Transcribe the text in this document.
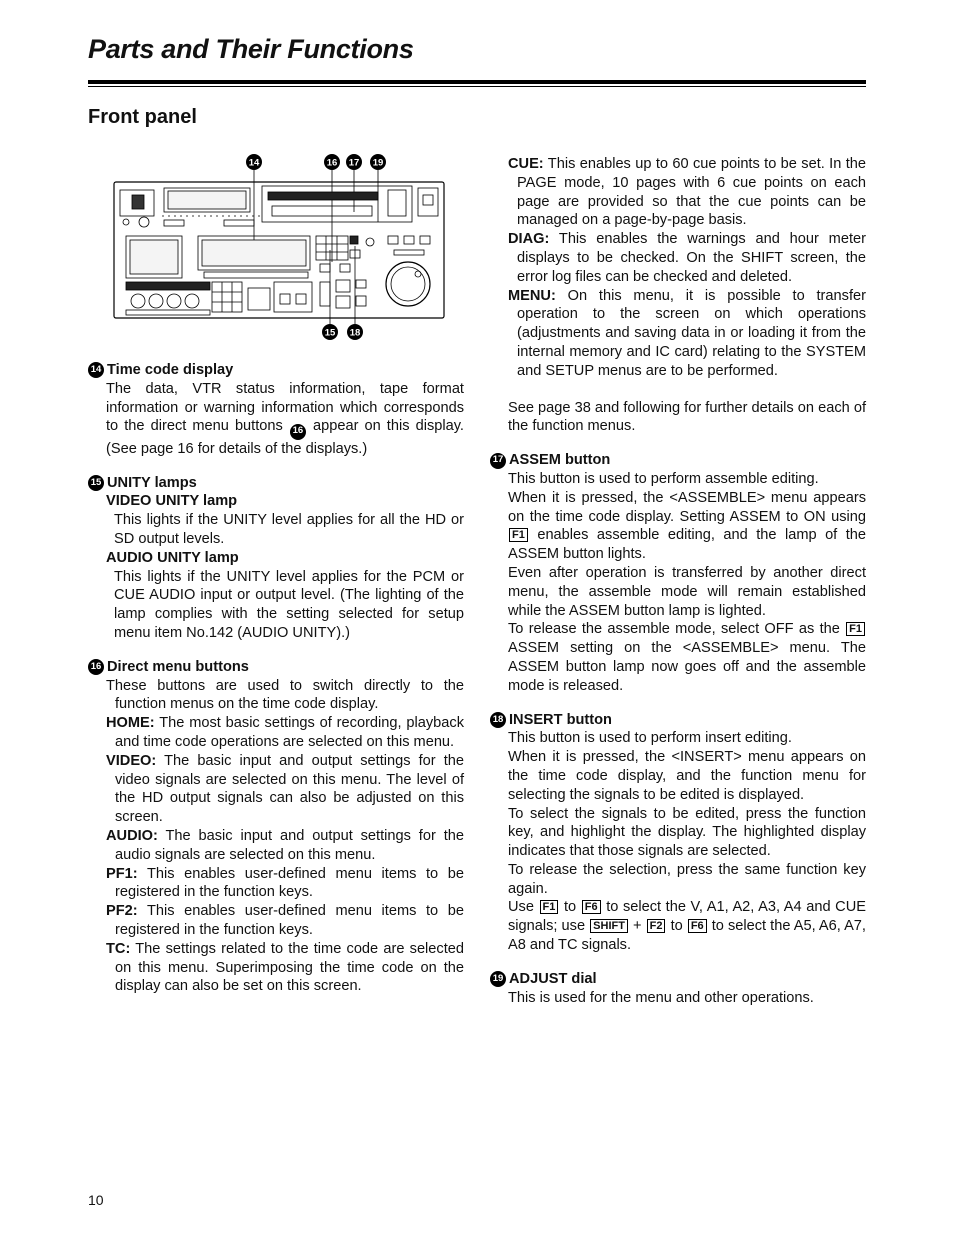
Parts and Their Functions
Front panel
14	16 17 19
15 18
14 Time code display
The data, VTR status information, tape format information or warning information which corresponds to the direct menu buttons 16 appear on this display. (See page 16 for details of the displays.)
15 UNITY lamps
VIDEO UNITY lamp
This lights if the UNITY level applies for all the HD or SD output levels.
AUDIO UNITY lamp
This lights if the UNITY level applies for the PCM or CUE AUDIO input or output level. (The lighting of the lamp complies with the setting selected for setup menu item No.142 (AUDIO UNITY).)
16 Direct menu buttons
These buttons are used to switch directly to the function menus on the time code display.
HOME: The most basic settings of recording, playback and time code operations are selected on this menu.
VIDEO: The basic input and output settings for the video signals are selected on this menu. The level of the HD output signals can also be adjusted on this screen.
AUDIO: The basic input and output settings for the audio signals are selected on this menu.
PF1: This enables user-defined menu items to be registered in the function keys.
PF2: This enables user-defined menu items to be registered in the function keys.
TC: The settings related to the time code are selected on this menu. Superimposing the time code on the display can also be set on this screen.
CUE: This enables up to 60 cue points to be set. In the PAGE mode, 10 pages with 6 cue points on each page are provided so that the cue points can be managed on a page-by-page basis.
DIAG: This enables the warnings and hour meter displays to be checked. On the SHIFT screen, the error log files can be checked and deleted.
MENU: On this menu, it is possible to transfer operation to the screen on which operations (adjustments and saving data in or loading it from the internal memory and IC card) relating to the SYSTEM and SETUP menus are to be performed.
See page 38 and following for further details on each of the function menus.
17 ASSEM button

This button is used to perform assemble editing.

When it is pressed, the <ASSEMBLE> menu appears on the time code display. Setting ASSEM to ON using F1 enables assemble editing, and the lamp of the ASSEM button lights.

Even after operation is transferred by another direct menu, the assemble mode will remain established while the ASSEM button lamp is lighted.

To release the assemble mode, select OFF as the F1ASSEM setting on the <ASSEMBLE> menu. The ASSEM button lamp now goes off and the assemble mode is released.

18 INSERT button

This button is used to perform insert editing.

When it is pressed, the <INSERT> menu appears on the time code display, and the function menu for selecting the signals to be edited is displayed.

To select the signals to be edited, press the function key, and highlight the display. The highlighted display indicates that those signals are selected.

To release the selection, press the same function key again.

Use F1 to F6 to select the V, A1, A2, A3, A4 and CUE signals; use SHIFT + F2 to F6 to select the A5, A6, A7, A8 and TC signals.

19 ADJUST dial
This is used for the menu and other operations.
10
